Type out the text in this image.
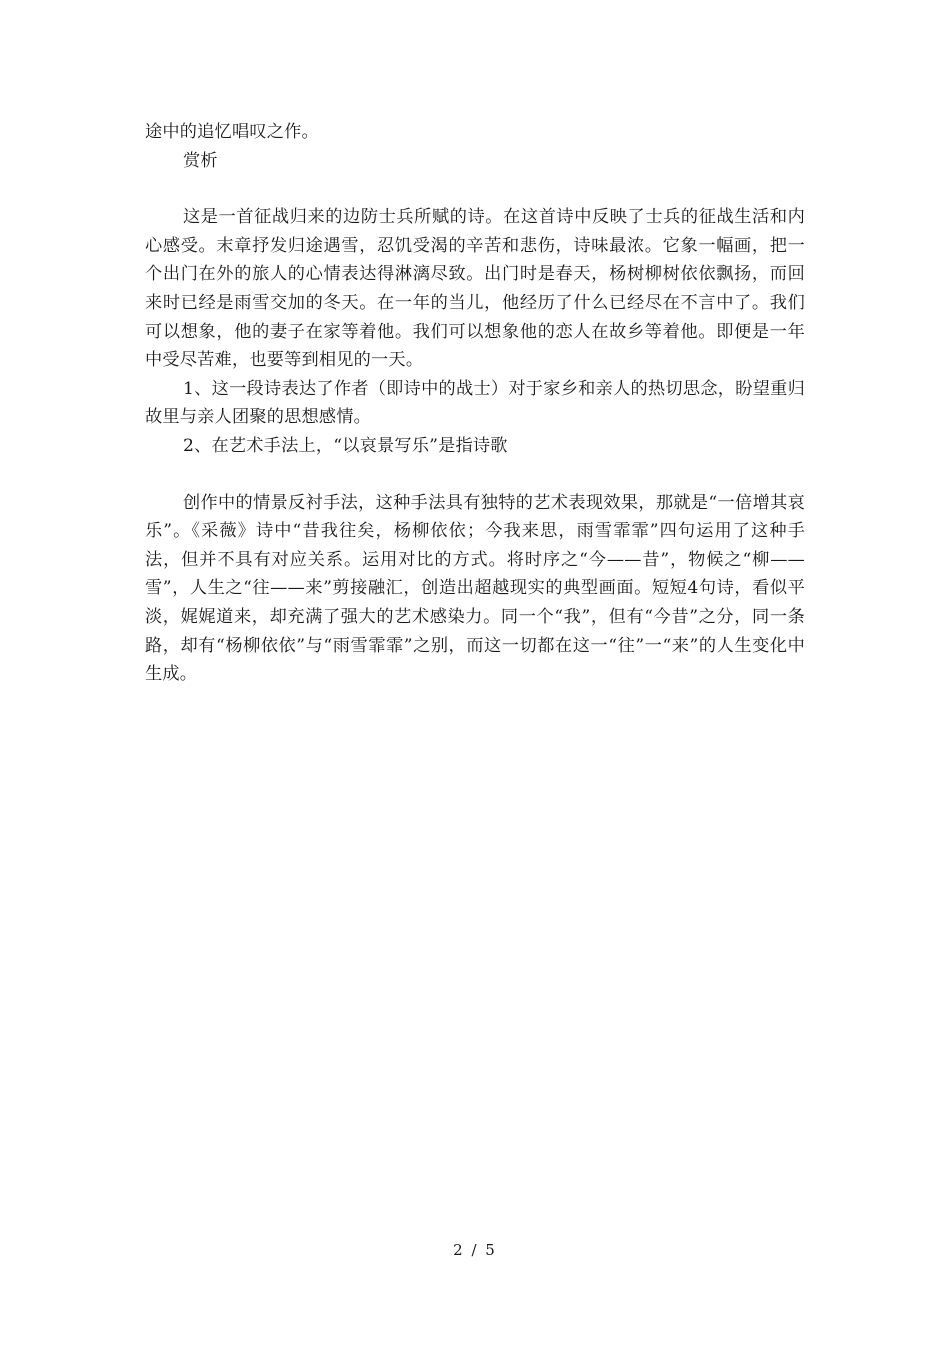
途中的追忆唱叹之作。

赏析

这是一首征战归来的边防士兵所赋的诗。在这首诗中反映了士兵的征战生活和内心感受。末章抒发归途遇雪，忍饥受渴的辛苦和悲伤，诗味最浓。它象一幅画，把一个出门在外的旅人的心情表达得淋漓尽致。出门时是春天，杨树柳树依依飘扬，而回来时已经是雨雪交加的冬天。在一年的当儿，他经历了什么已经尽在不言中了。我们可以想象，他的妻子在家等着他。我们可以想象他的恋人在故乡等着他。即便是一年中受尽苦难，也要等到相见的一天。

1、这一段诗表达了作者（即诗中的战士）对于家乡和亲人的热切思念，盼望重归故里与亲人团聚的思想感情。

2、在艺术手法上，“以哀景写乐”是指诗歌

创作中的情景反衬手法，这种手法具有独特的艺术表现效果，那就是“一倍增其哀乐”。《采薇》诗中“昔我往矣，杨柳依依；今我来思，雨雪霏霏”四句运用了这种手法，但并不具有对应关系。运用对比的方式。将时序之“今——昔”，物候之“柳——雪”，人生之“往——来”剪接融汇，创造出超越现实的典型画面。短短4句诗，看似平淡，娓娓道来，却充满了强大的艺术感染力。同一个“我”，但有“今昔”之分，同一条路，却有“杨柳依依”与“雨雪霏霏”之别，而这一切都在这一“往”一“来”的人生变化中生成。

2 / 5
